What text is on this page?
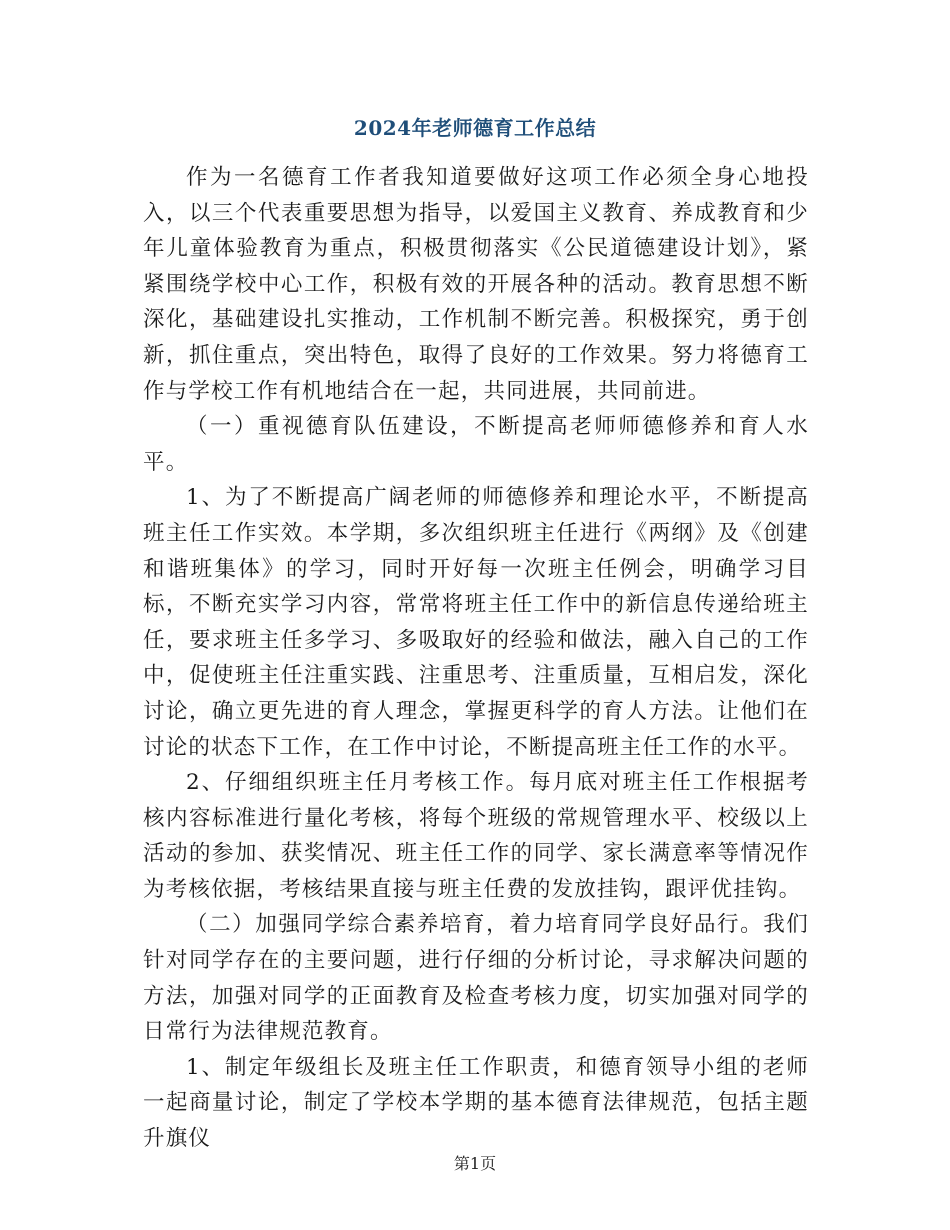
2024年老师德育工作总结

作为一名德育工作者我知道要做好这项工作必须全身心地投入，以三个代表重要思想为指导，以爱国主义教育、养成教育和少年儿童体验教育为重点，积极贯彻落实《公民道德建设计划》，紧紧围绕学校中心工作，积极有效的开展各种的活动。教育思想不断深化，基础建设扎实推动，工作机制不断完善。积极探究，勇于创新，抓住重点，突出特色，取得了良好的工作效果。努力将德育工作与学校工作有机地结合在一起，共同进展，共同前进。

（一）重视德育队伍建设，不断提高老师师德修养和育人水平。

1、为了不断提高广阔老师的师德修养和理论水平，不断提高班主任工作实效。本学期，多次组织班主任进行《两纲》及《创建和谐班集体》的学习，同时开好每一次班主任例会，明确学习目标，不断充实学习内容，常常将班主任工作中的新信息传递给班主任，要求班主任多学习、多吸取好的经验和做法，融入自己的工作中，促使班主任注重实践、注重思考、注重质量，互相启发，深化讨论，确立更先进的育人理念，掌握更科学的育人方法。让他们在讨论的状态下工作，在工作中讨论，不断提高班主任工作的水平。

2、仔细组织班主任月考核工作。每月底对班主任工作根据考核内容标准进行量化考核，将每个班级的常规管理水平、校级以上活动的参加、获奖情况、班主任工作的同学、家长满意率等情况作为考核依据，考核结果直接与班主任费的发放挂钩，跟评优挂钩。

（二）加强同学综合素养培育，着力培育同学良好品行。我们针对同学存在的主要问题，进行仔细的分析讨论，寻求解决问题的方法，加强对同学的正面教育及检查考核力度，切实加强对同学的日常行为法律规范教育。

1、制定年级组长及班主任工作职责，和德育领导小组的老师一起商量讨论，制定了学校本学期的基本德育法律规范，包括主题升旗仪

第1页
